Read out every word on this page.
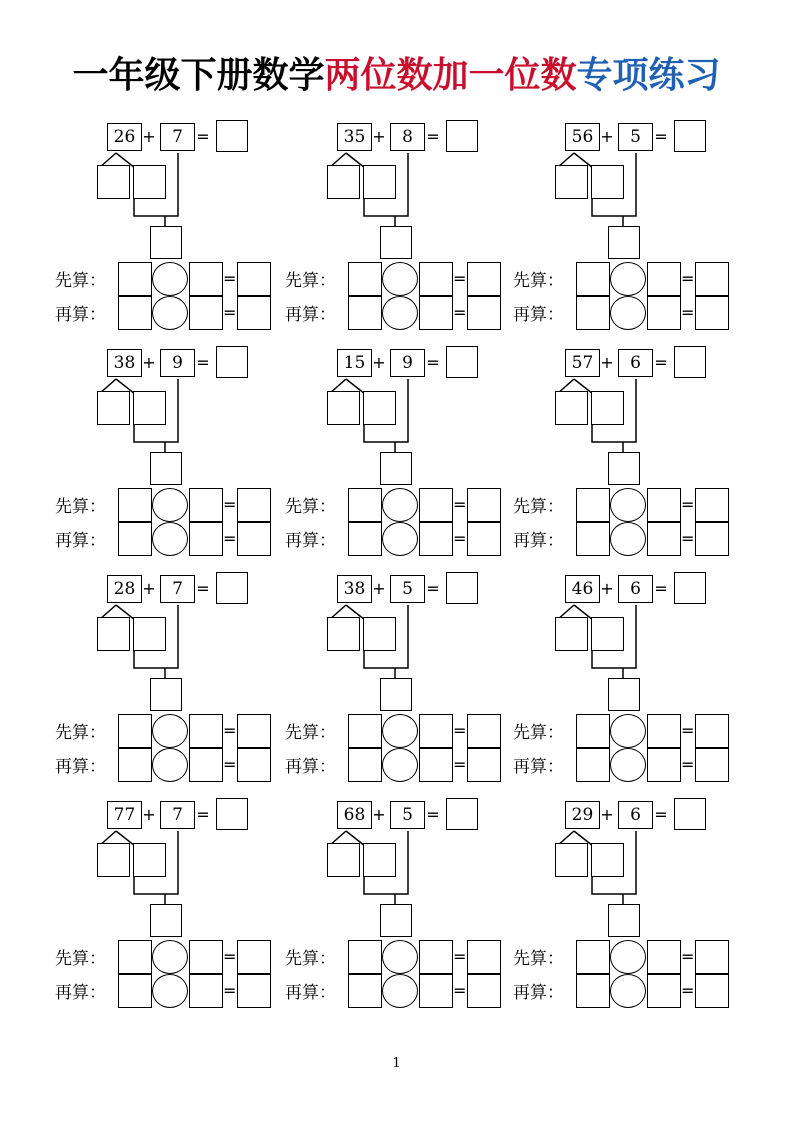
一年级下册数学两位数加一位数专项练习
26 + 7 =
先算：	=
再算：	=
35 + 8 =
先算：	=
再算：	=
56 + 5 =
先算：	=
再算：	=
38 + 9 =
先算：	=
再算：	=
15 + 9 =
先算：	=
再算：	=
57 + 6 =
先算：	=
再算：	=
28 + 7 =
先算：	=
再算：	=
38 + 5 =
先算：	=
再算：	=
46 + 6 =
先算：	=
再算：	=
77 + 7 =
先算：	=
再算：	=
68 + 5 =
先算：	=
再算：	=
29 + 6 =
先算：	=
再算：	=
1
